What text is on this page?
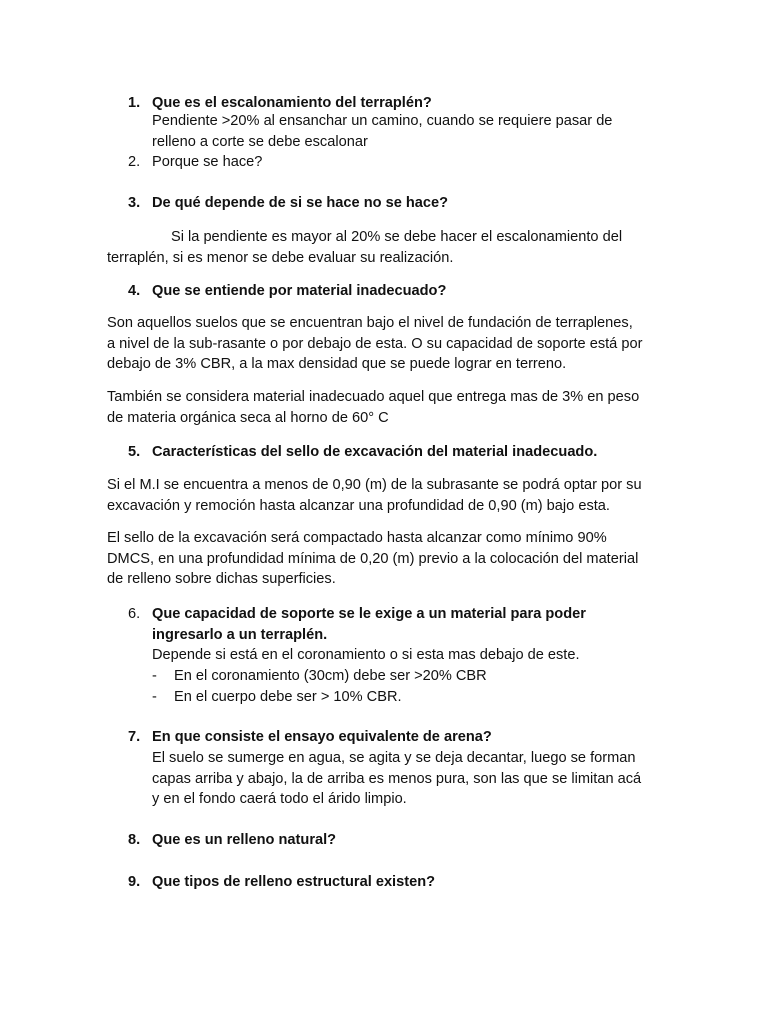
1. Que es el escalonamiento del terraplén?
Pendiente >20% al ensanchar un camino, cuando se requiere pasar de
relleno a corte se debe escalonar
2. Porque se hace?
3. De qué depende de si se hace no se hace?
Si la pendiente es mayor al 20% se debe hacer el escalonamiento del
terraplén, si es menor se debe evaluar su realización.
4. Que se entiende por material inadecuado?
Son aquellos suelos que se encuentran bajo el nivel de fundación de terraplenes,
a nivel de la sub-rasante o por debajo de esta. O su capacidad de soporte está por
debajo de 3% CBR, a la max densidad que se puede lograr en terreno.
También se considera material inadecuado aquel que entrega mas de 3% en peso
de materia orgánica seca al horno de 60° C
5. Características del sello de excavación del material inadecuado.
Si el M.I se encuentra a menos de 0,90 (m) de la subrasante se podrá optar por su
excavación y remoción hasta alcanzar una profundidad de 0,90 (m) bajo esta.
El sello de la excavación será compactado hasta alcanzar como mínimo 90%
DMCS, en una profundidad mínima de 0,20 (m) previo a la colocación del material
de relleno sobre dichas superficies.
6. Que capacidad de soporte se le exige a un material para poder
ingresarlo a un terraplén.
Depende si está en el coronamiento o si esta mas debajo de este.
- En el coronamiento (30cm) debe ser >20% CBR
- En el cuerpo debe ser > 10% CBR.
7. En que consiste el ensayo equivalente de arena?
El suelo se sumerge en agua, se agita y se deja decantar, luego se forman
capas arriba y abajo, la de arriba es menos pura, son las que se limitan acá
y en el fondo caerá todo el árido limpio.
8. Que es un relleno natural?
9. Que tipos de relleno estructural existen?
